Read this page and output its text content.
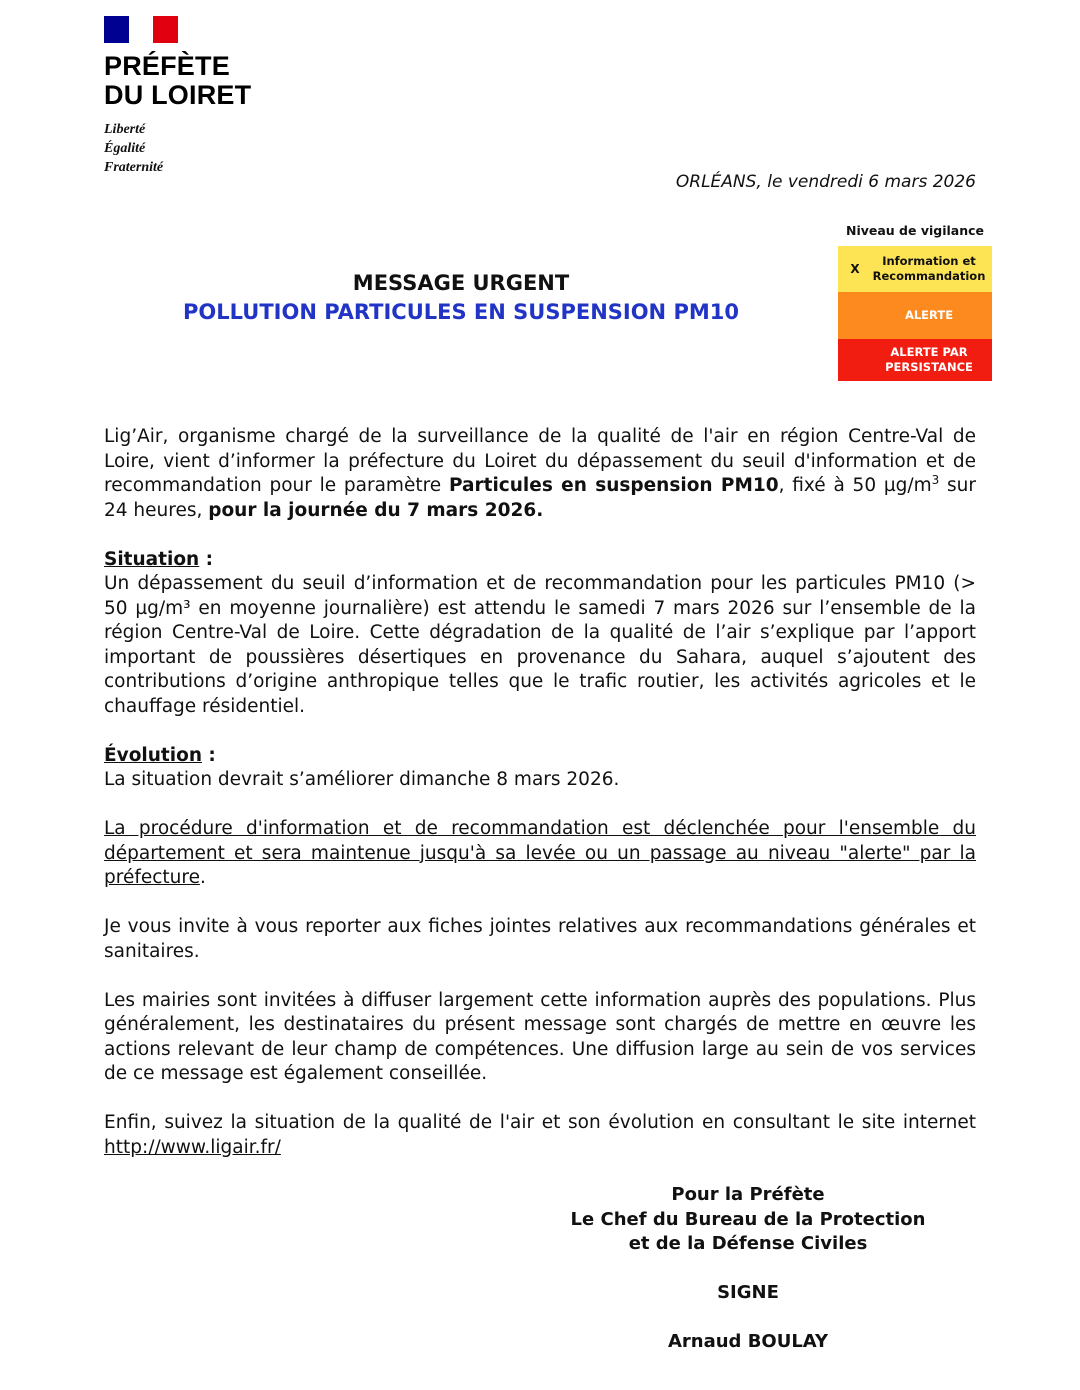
PRÉFÈTE
DU LOIRET
Liberté
Égalité
Fraternité
ORLÉANS, le vendredi 6 mars 2026
Niveau de vigilance
X
Information et
Recommandation
ALERTE
ALERTE PAR
PERSISTANCE
MESSAGE URGENT
POLLUTION PARTICULES EN SUSPENSION PM10

Lig’Air, organisme chargé de la surveillance de la qualité de l'air en région Centre-Val de Loire, vient d’informer la préfecture du Loiret du dépassement du seuil d'information et de recommandation pour le paramètre Particules en suspension PM10, fixé à 50 $\mu g/m^3$ sur 24 heures, pour la journée du 7 mars 2026.

Situation :
Un dépassement du seuil d’information et de recommandation pour les particules PM10 (> 50 µg/m³ en moyenne journalière) est attendu le samedi 7 mars 2026 sur l’ensemble de la région Centre-Val de Loire. Cette dégradation de la qualité de l’air s’explique par l’apport important de poussières désertiques en provenance du Sahara, auquel s’ajoutent des contributions d’origine anthropique telles que le trafic routier, les activités agricoles et le chauffage résidentiel.

Évolution :
La situation devrait s’améliorer dimanche 8 mars 2026.

La procédure d'information et de recommandation est déclenchée pour l'ensemble du département et sera maintenue jusqu'à sa levée ou un passage au niveau "alerte" par la préfecture.

Je vous invite à vous reporter aux fiches jointes relatives aux recommandations générales et sanitaires.

Les mairies sont invitées à diffuser largement cette information auprès des populations. Plus généralement, les destinataires du présent message sont chargés de mettre en œuvre les actions relevant de leur champ de compétences. Une diffusion large au sein de vos services de ce message est également conseillée.

Enfin, suivez la situation de la qualité de l'air et son évolution en consultant le site internet http://www.ligair.fr/

Pour la Préfète
Le Chef du Bureau de la Protection
et de la Défense Civiles
SIGNE
Arnaud BOULAY
